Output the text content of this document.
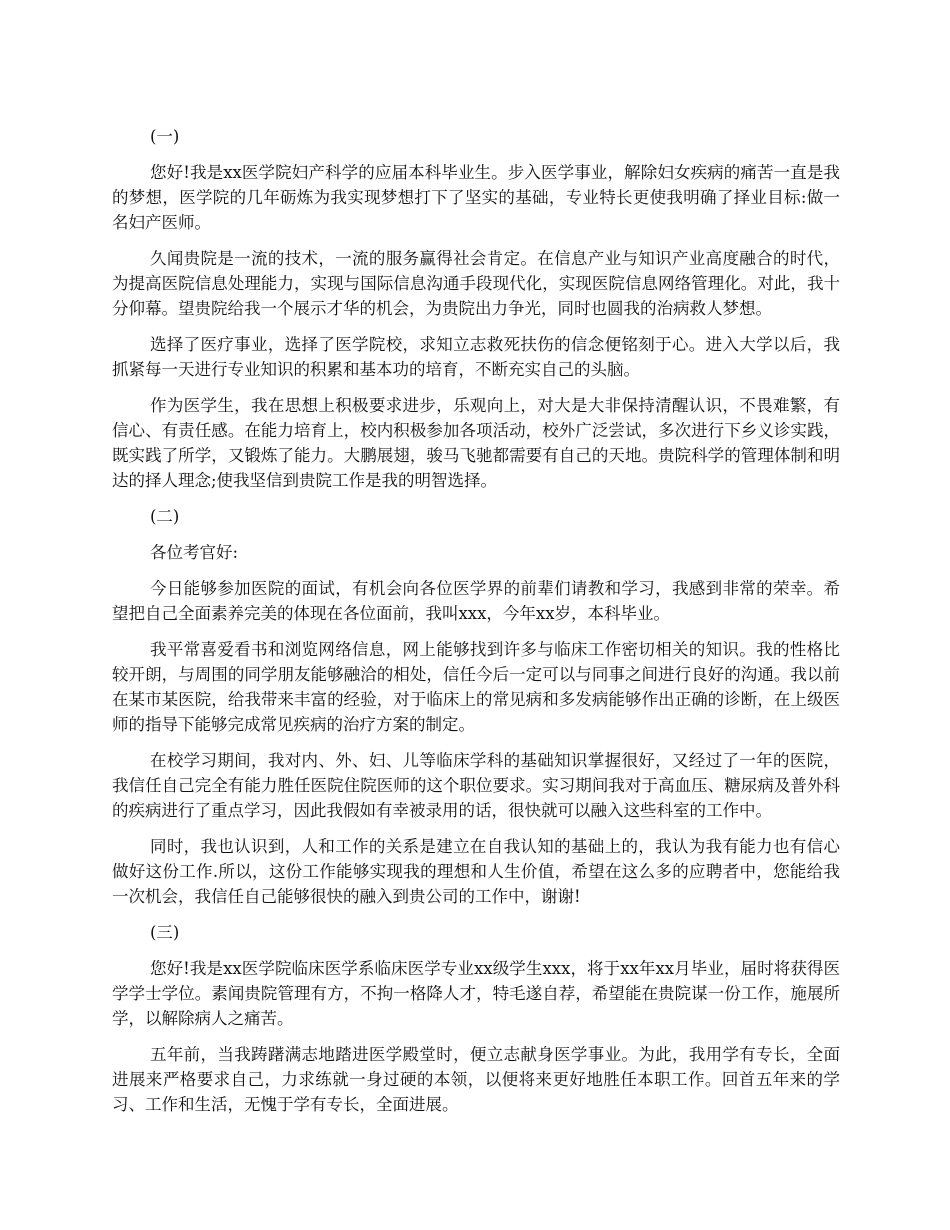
(一)

您好!我是xx医学院妇产科学的应届本科毕业生。步入医学事业，解除妇女疾病的痛苦一直是我的梦想，医学院的几年砺炼为我实现梦想打下了坚实的基础，专业特长更使我明确了择业目标:做一名妇产医师。

久闻贵院是一流的技术，一流的服务赢得社会肯定。在信息产业与知识产业高度融合的时代，为提高医院信息处理能力，实现与国际信息沟通手段现代化，实现医院信息网络管理化。对此，我十分仰幕。望贵院给我一个展示才华的机会，为贵院出力争光，同时也圆我的治病救人梦想。

选择了医疗事业，选择了医学院校，求知立志救死扶伤的信念便铭刻于心。进入大学以后，我抓紧每一天进行专业知识的积累和基本功的培育，不断充实自己的头脑。

作为医学生，我在思想上积极要求进步，乐观向上，对大是大非保持清醒认识，不畏难繁，有信心、有责任感。在能力培育上，校内积极参加各项活动，校外广泛尝试，多次进行下乡义诊实践，既实践了所学，又锻炼了能力。大鹏展翅，骏马飞驰都需要有自己的天地。贵院科学的管理体制和明达的择人理念;使我坚信到贵院工作是我的明智选择。

(二)

各位考官好:

今日能够参加医院的面试，有机会向各位医学界的前辈们请教和学习，我感到非常的荣幸。希望把自己全面素养完美的体现在各位面前，我叫xxx，今年xx岁，本科毕业。

我平常喜爱看书和浏览网络信息，网上能够找到许多与临床工作密切相关的知识。我的性格比较开朗，与周围的同学朋友能够融洽的相处，信任今后一定可以与同事之间进行良好的沟通。我以前在某市某医院，给我带来丰富的经验，对于临床上的常见病和多发病能够作出正确的诊断，在上级医师的指导下能够完成常见疾病的治疗方案的制定。

在校学习期间，我对内、外、妇、儿等临床学科的基础知识掌握很好，又经过了一年的医院，我信任自己完全有能力胜任医院住院医师的这个职位要求。实习期间我对于高血压、糖尿病及普外科的疾病进行了重点学习，因此我假如有幸被录用的话，很快就可以融入这些科室的工作中。

同时，我也认识到，人和工作的关系是建立在自我认知的基础上的，我认为我有能力也有信心做好这份工作.所以，这份工作能够实现我的理想和人生价值，希望在这么多的应聘者中，您能给我一次机会，我信任自己能够很快的融入到贵公司的工作中，谢谢!

(三)

您好!我是xx医学院临床医学系临床医学专业xx级学生xxx，将于xx年xx月毕业，届时将获得医学学士学位。素闻贵院管理有方，不拘一格降人才，特毛遂自荐，希望能在贵院谋一份工作，施展所学，以解除病人之痛苦。

五年前，当我踌躇满志地踏进医学殿堂时，便立志献身医学事业。为此，我用学有专长，全面进展来严格要求自己，力求练就一身过硬的本领，以便将来更好地胜任本职工作。回首五年来的学习、工作和生活，无愧于学有专长，全面进展。
